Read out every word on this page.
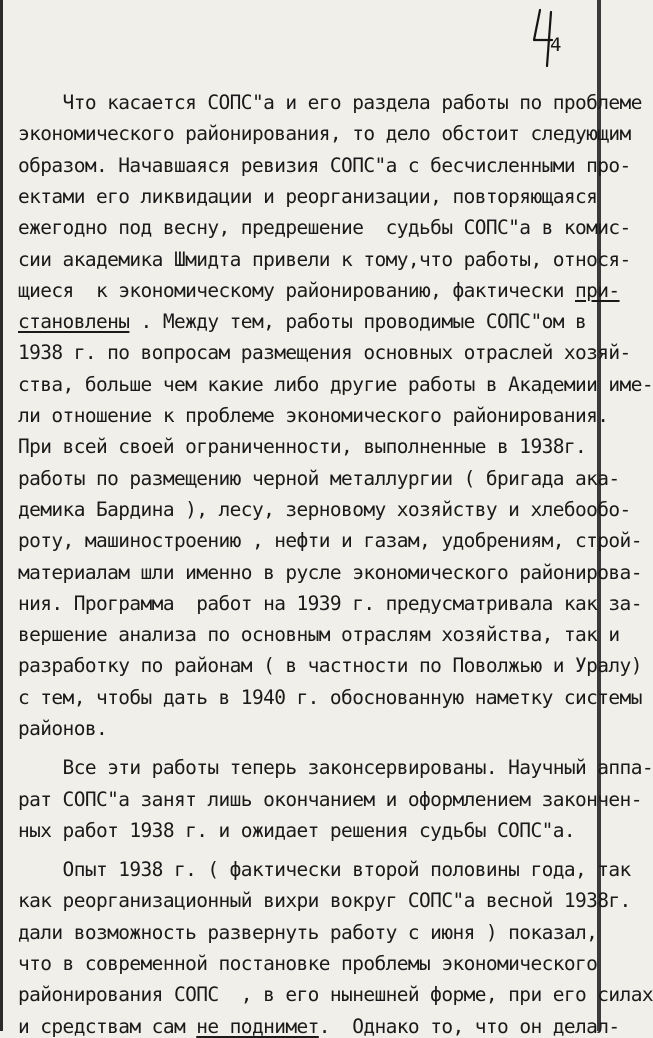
4
Что касается СОПС"а и его раздела работы по проблеме
экономического районирования, то дело обстоит следующим
образом. Начавшаяся ревизия СОПС"а с бесчисленными про-
ектами его ликвидации и реорганизации, повторяющаяся
ежегодно под весну, предрешение  судьбы СОПС"а в комис-
сии академика Шмидта привели к тому,что работы, относя-
щиеся  к экономическому районированию, фактически при-
становлены . Между тем, работы проводимые СОПС"ом в
1938 г. по вопросам размещения основных отраслей хозяй-
ства, больше чем какие либо другие работы в Академии име-
ли отношение к проблеме экономического районирования.
При всей своей ограниченности, выполненные в 1938г.
работы по размещению черной металлургии ( бригада ака-
демика Бардина ), лесу, зерновому хозяйству и хлебообо-
роту, машиностроению , нефти и газам, удобрениям, строй-
материалам шли именно в русле экономического районирова-
ния. Программа  работ на 1939 г. предусматривала как за-
вершение анализа по основным отраслям хозяйства, так и
разработку по районам ( в частности по Поволжью и Уралу)
с тем, чтобы дать в 1940 г. обоснованную наметку системы
районов.
Все эти работы теперь законсервированы. Научный аппа-
рат СОПС"а занят лишь окончанием и оформлением закончен-
ных работ 1938 г. и ожидает решения судьбы СОПС"а.
Опыт 1938 г. ( фактически второй половины года, так
как реорганизационный вихри вокруг СОПС"а весной 1938г.
дали возможность развернуть работу с июня ) показал,
что в современной постановке проблемы экономического
районирования СОПС  , в его нынешней форме, при его силах
и средствам сам не поднимет.  Однако то, что он делал-
